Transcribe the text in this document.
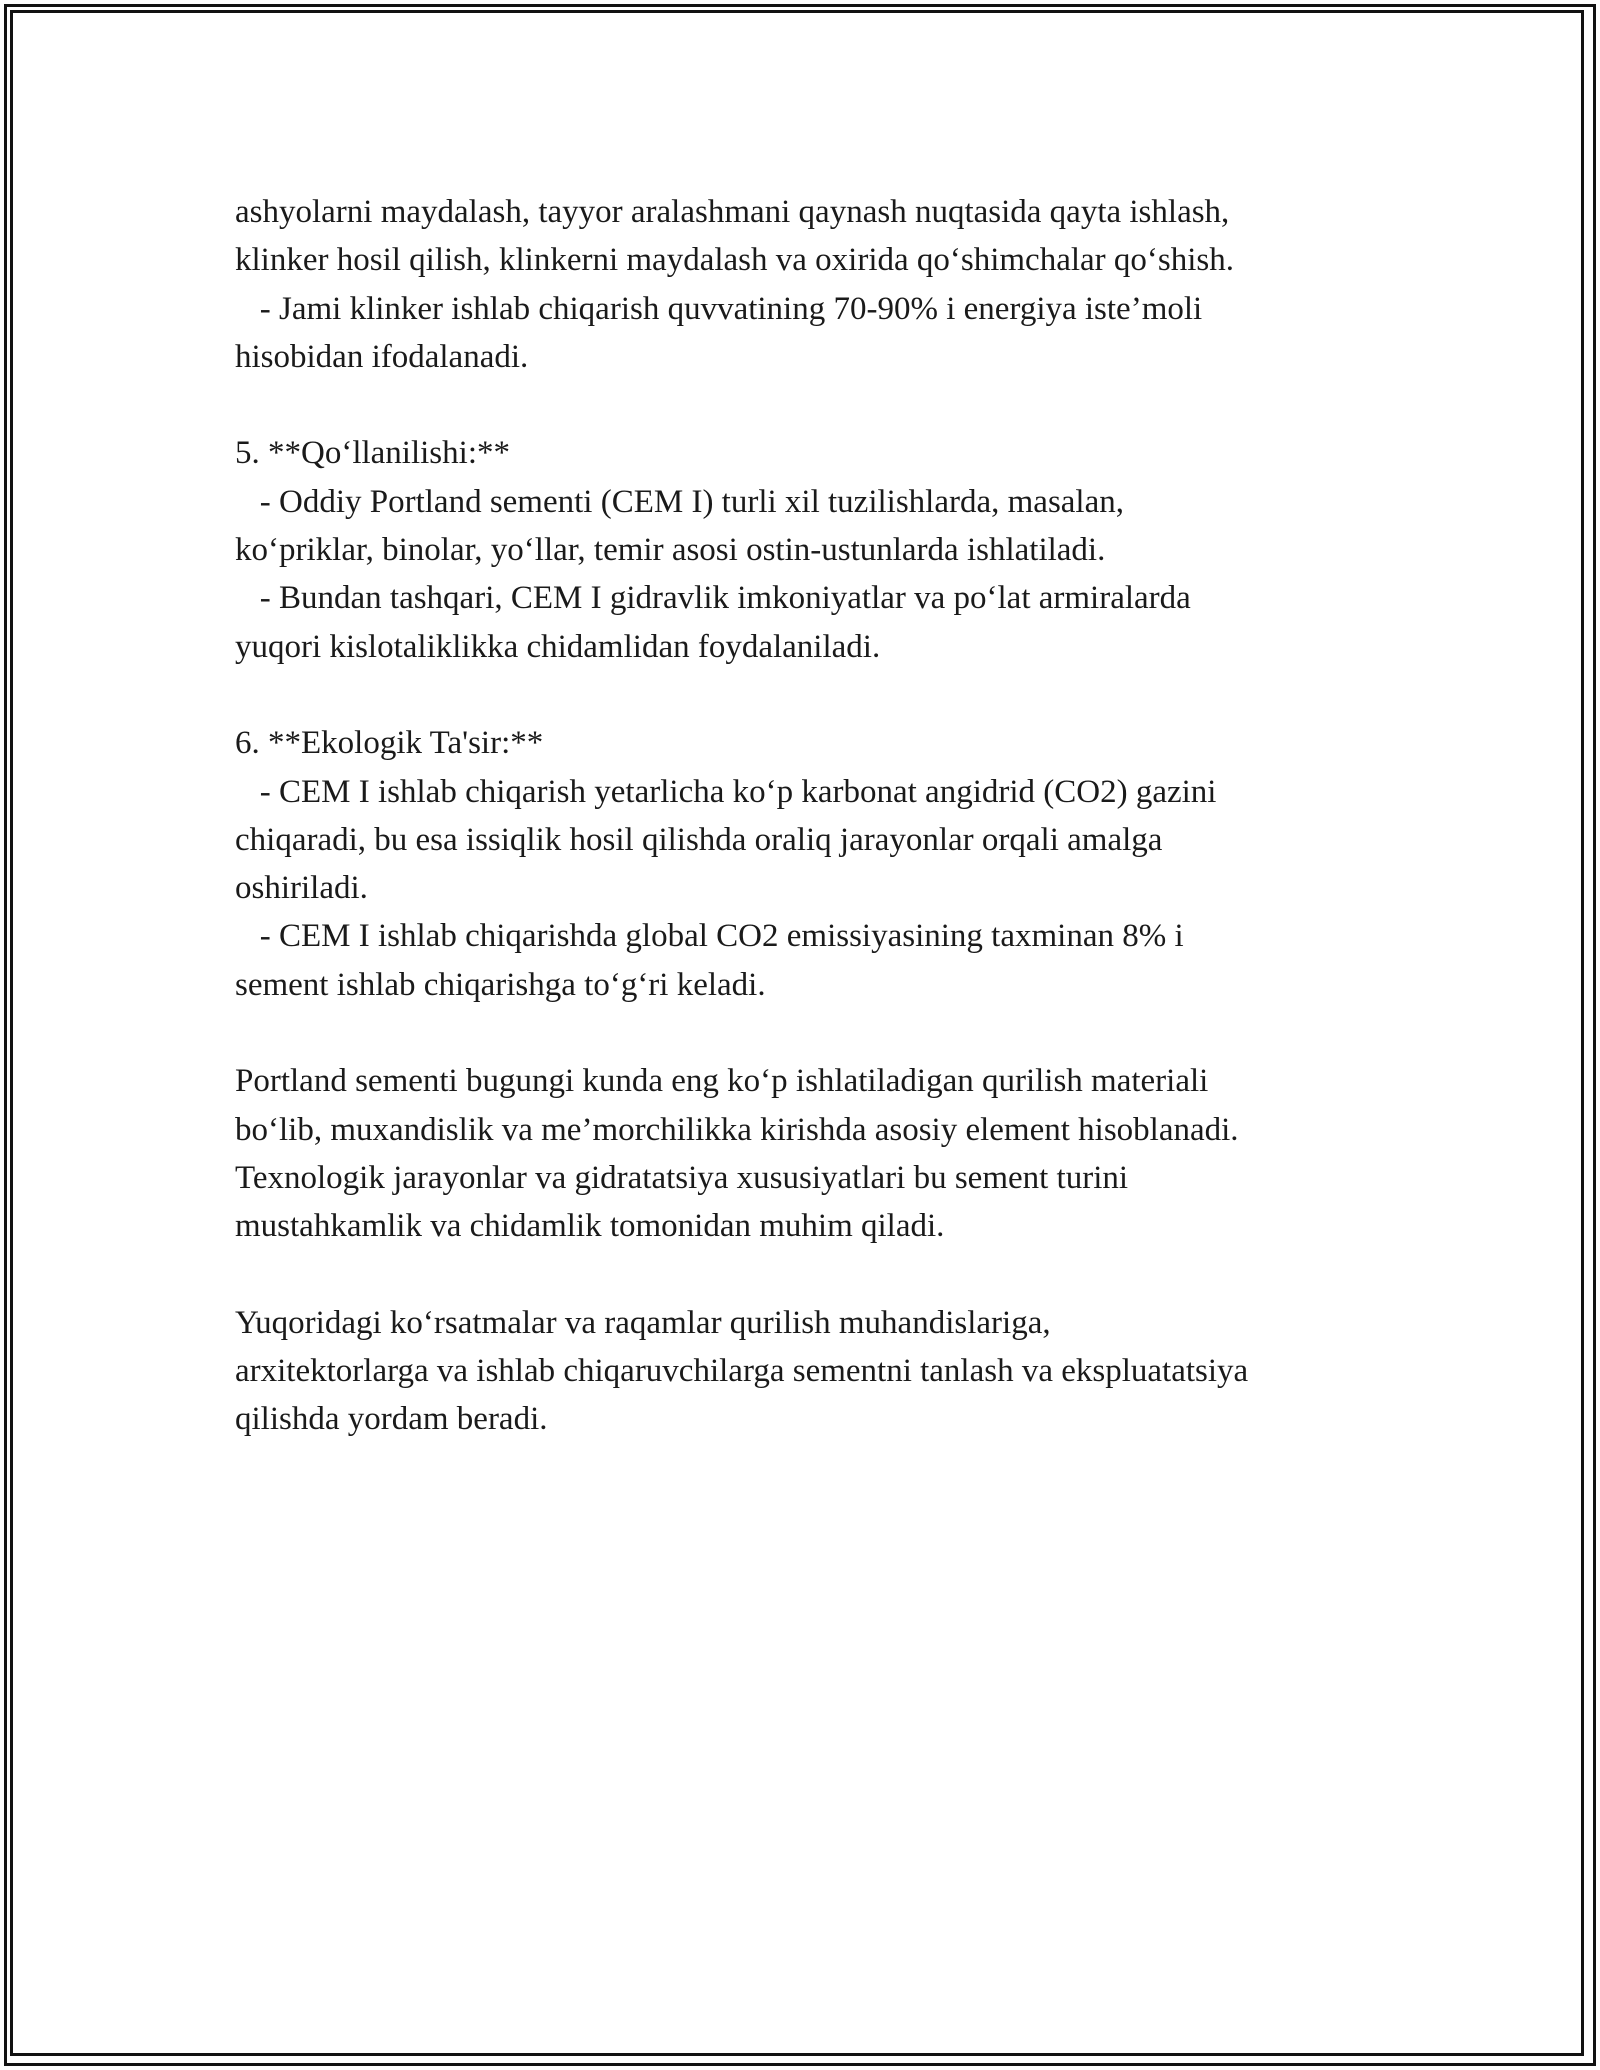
ashyolarni maydalash, tayyor aralashmani qaynash nuqtasida qayta ishlash,
klinker hosil qilish, klinkerni maydalash va oxirida qo‘shimchalar qo‘shish.
- Jami klinker ishlab chiqarish quvvatining 70-90% i energiya iste’moli
hisobidan ifodalanadi.
5. **Qo‘llanilishi:**
- Oddiy Portland sementi (CEM I) turli xil tuzilishlarda, masalan,
ko‘priklar, binolar, yo‘llar, temir asosi ostin-ustunlarda ishlatiladi.
- Bundan tashqari, CEM I gidravlik imkoniyatlar va po‘lat armiralarda
yuqori kislotaliklikka chidamlidan foydalaniladi.
6. **Ekologik Ta'sir:**
- CEM I ishlab chiqarish yetarlicha ko‘p karbonat angidrid (CO2) gazini
chiqaradi, bu esa issiqlik hosil qilishda oraliq jarayonlar orqali amalga
oshiriladi.
- CEM I ishlab chiqarishda global CO2 emissiyasining taxminan 8% i
sement ishlab chiqarishga to‘g‘ri keladi.
Portland sementi bugungi kunda eng ko‘p ishlatiladigan qurilish materiali
bo‘lib, muxandislik va me’morchilikka kirishda asosiy element hisoblanadi.
Texnologik jarayonlar va gidratatsiya xususiyatlari bu sement turini
mustahkamlik va chidamlik tomonidan muhim qiladi.
Yuqoridagi ko‘rsatmalar va raqamlar qurilish muhandislariga,
arxitektorlarga va ishlab chiqaruvchilarga sementni tanlash va ekspluatatsiya
qilishda yordam beradi.
